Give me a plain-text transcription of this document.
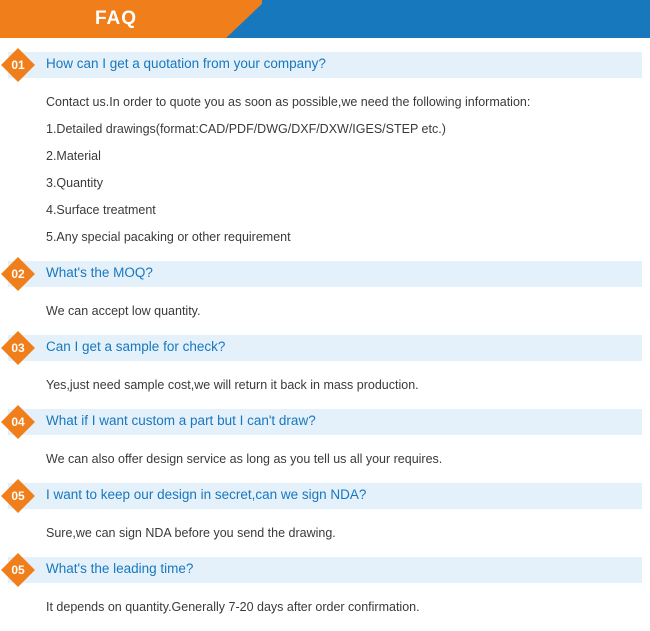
FAQ
01	How can I get a quotation from your company?

Contact us.In order to quote you as soon as possible,we need the following information:

1.Detailed drawings(format:CAD/PDF/DWG/DXF/DXW/IGES/STEP etc.)

2.Material

3.Quantity

4.Surface treatment

5.Any special pacaking or other requirement

02	What's the MOQ?

We can accept low quantity.

03	Can I get a sample for check?

Yes,just need sample cost,we will return it back in mass production.

04	What if I want custom a part but I can't draw?

We can also offer design service as long as you tell us all your requires.

05	I want to keep our design in secret,can we sign NDA?

Sure,we can sign NDA before you send the drawing.

05	What's the leading time?

It depends on quantity.Generally 7-20 days after order confirmation.
